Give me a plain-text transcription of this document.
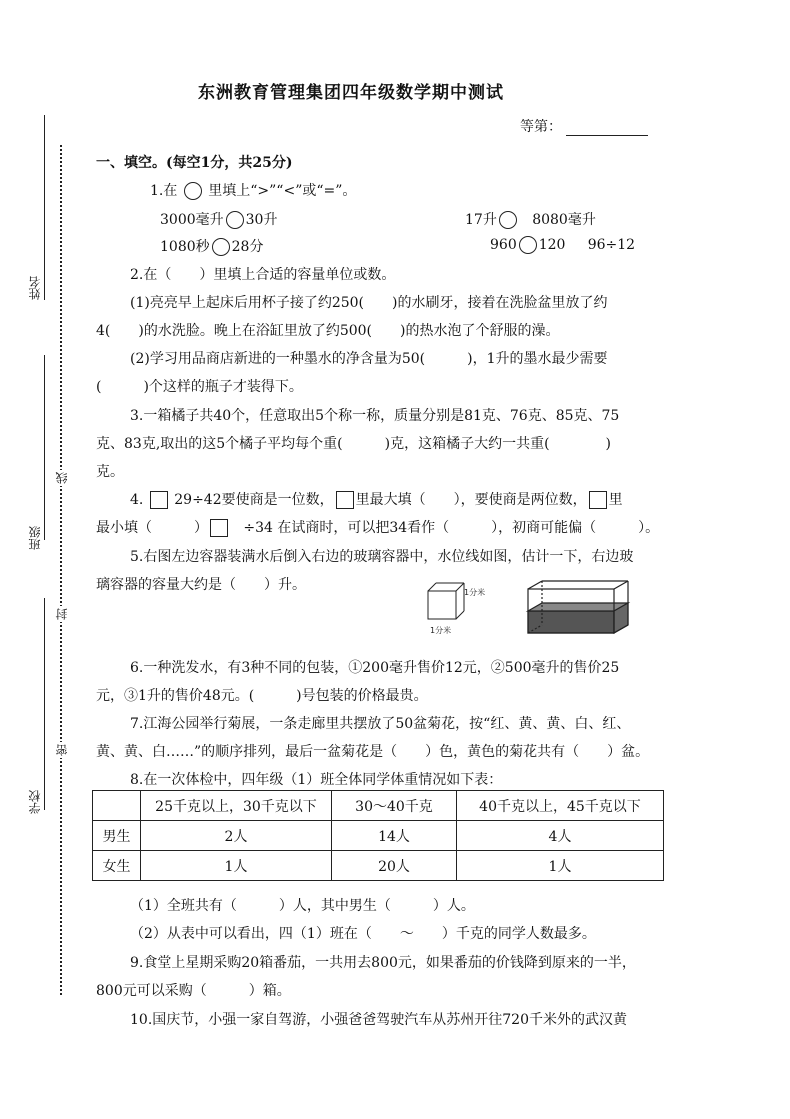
姓名
班级
学校
线
封
密
东洲教育管理集团四年级数学期中测试
等第：
一、填空。(每空1分，共25分)
1.在 里填上“>”“<”或“=”。
3000毫升 30升	17升	8080毫升
1080秒 28分	960 120 96÷12
2.在（　　）里填上合适的容量单位或数。
(1)亮亮早上起床后用杯子接了约250(　　)的水刷牙，接着在洗脸盆里放了约
4(　　)的水洗脸。晚上在浴缸里放了约500(　　)的热水泡了个舒服的澡。
(2)学习用品商店新进的一种墨水的净含量为50(　　　)，1升的墨水最少需要
(　　　)个这样的瓶子才装得下。
3.一箱橘子共40个，任意取出5个称一称，质量分别是81克、76克、85克、75
克、83克,取出的这5个橘子平均每个重(　　　)克，这箱橘子大约一共重(　　　　)
克。
4. 29÷42要使商是一位数， 里最大填（　　），要使商是两位数， 里
最小填（　　　）	÷34 在试商时，可以把34看作（　　　），初商可能偏（　　　）。
5.右图左边容器装满水后倒入右边的玻璃容器中，水位线如图，估计一下，右边玻
璃容器的容量大约是（　　）升。	1分米
1分米
6.一种洗发水，有3种不同的包装，①200毫升售价12元，②500毫升的售价25
元，③1升的售价48元。(　　　)号包装的价格最贵。
7.江海公园举行菊展，一条走廊里共摆放了50盆菊花，按“红、黄、黄、白、红、
黄、黄、白……”的顺序排列，最后一盆菊花是（　　）色，黄色的菊花共有（　　）盆。
8.在一次体检中，四年级（1）班全体同学体重情况如下表：
	25千克以上，30千克以下	30～40千克	40千克以上，45千克以下
男生	2人	14人	4人
女生	1人	20人	1人
（1）全班共有（　　　）人，其中男生（　　　）人。
（2）从表中可以看出，四（1）班在（　　～　　）千克的同学人数最多。
9.食堂上星期采购20箱番茄，一共用去800元，如果番茄的价钱降到原来的一半，
800元可以采购（　　　）箱。
10.国庆节，小强一家自驾游，小强爸爸驾驶汽车从苏州开往720千米外的武汉黄
